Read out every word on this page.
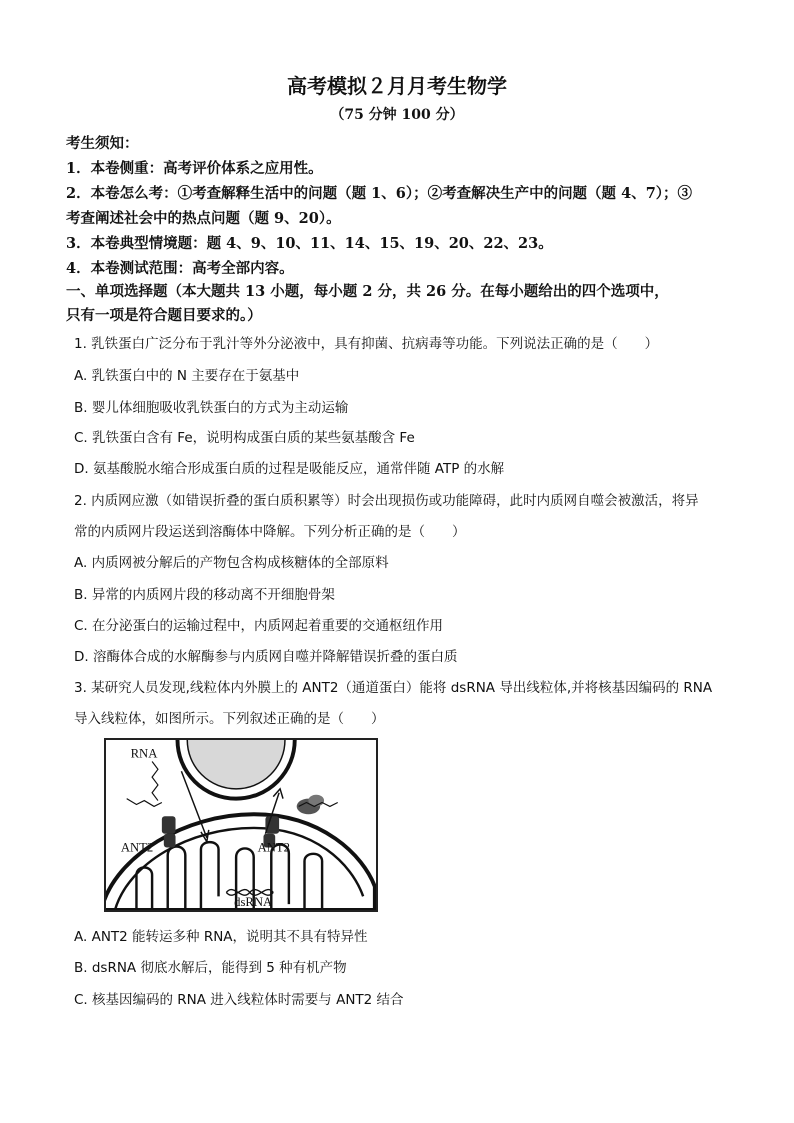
高考模拟２月月考生物学
（75 分钟 100 分）
考生须知：
1．本卷侧重：高考评价体系之应用性。
2．本卷怎么考：①考查解释生活中的问题（题 1、6）；②考查解决生产中的问题（题 4、7）；③
考查阐述社会中的热点问题（题 9、20）。
3．本卷典型情境题：题 4、9、10、11、14、15、19、20、22、23。
4．本卷测试范围：高考全部内容。
一、单项选择题（本大题共 13 小题，每小题 2 分，共 26 分。在每小题给出的四个选项中，
只有一项是符合题目要求的。）
1. 乳铁蛋白广泛分布于乳汁等外分泌液中，具有抑菌、抗病毒等功能。下列说法正确的是（　　）
A. 乳铁蛋白中的 N 主要存在于氨基中
B. 婴儿体细胞吸收乳铁蛋白的方式为主动运输
C. 乳铁蛋白含有 Fe，说明构成蛋白质的某些氨基酸含 Fe
D. 氨基酸脱水缩合形成蛋白质的过程是吸能反应，通常伴随 ATP 的水解
2. 内质网应激（如错误折叠的蛋白质积累等）时会出现损伤或功能障碍，此时内质网自噬会被激活，将异
常的内质网片段运送到溶酶体中降解。下列分析正确的是（　　）
A. 内质网被分解后的产物包含构成核糖体的全部原料
B. 异常的内质网片段的移动离不开细胞骨架
C. 在分泌蛋白的运输过程中，内质网起着重要的交通枢纽作用
D. 溶酶体合成的水解酶参与内质网自噬并降解错误折叠的蛋白质
3. 某研究人员发现,线粒体内外膜上的 ANT2（通道蛋白）能将 dsRNA 导出线粒体,并将核基因编码的 RNA
导入线粒体，如图所示。下列叙述正确的是（　　）
RNA
ANT2	ANT2
dsRNA
A. ANT2 能转运多种 RNA，说明其不具有特异性
B. dsRNA 彻底水解后，能得到 5 种有机产物
C. 核基因编码的 RNA 进入线粒体时需要与 ANT2 结合
